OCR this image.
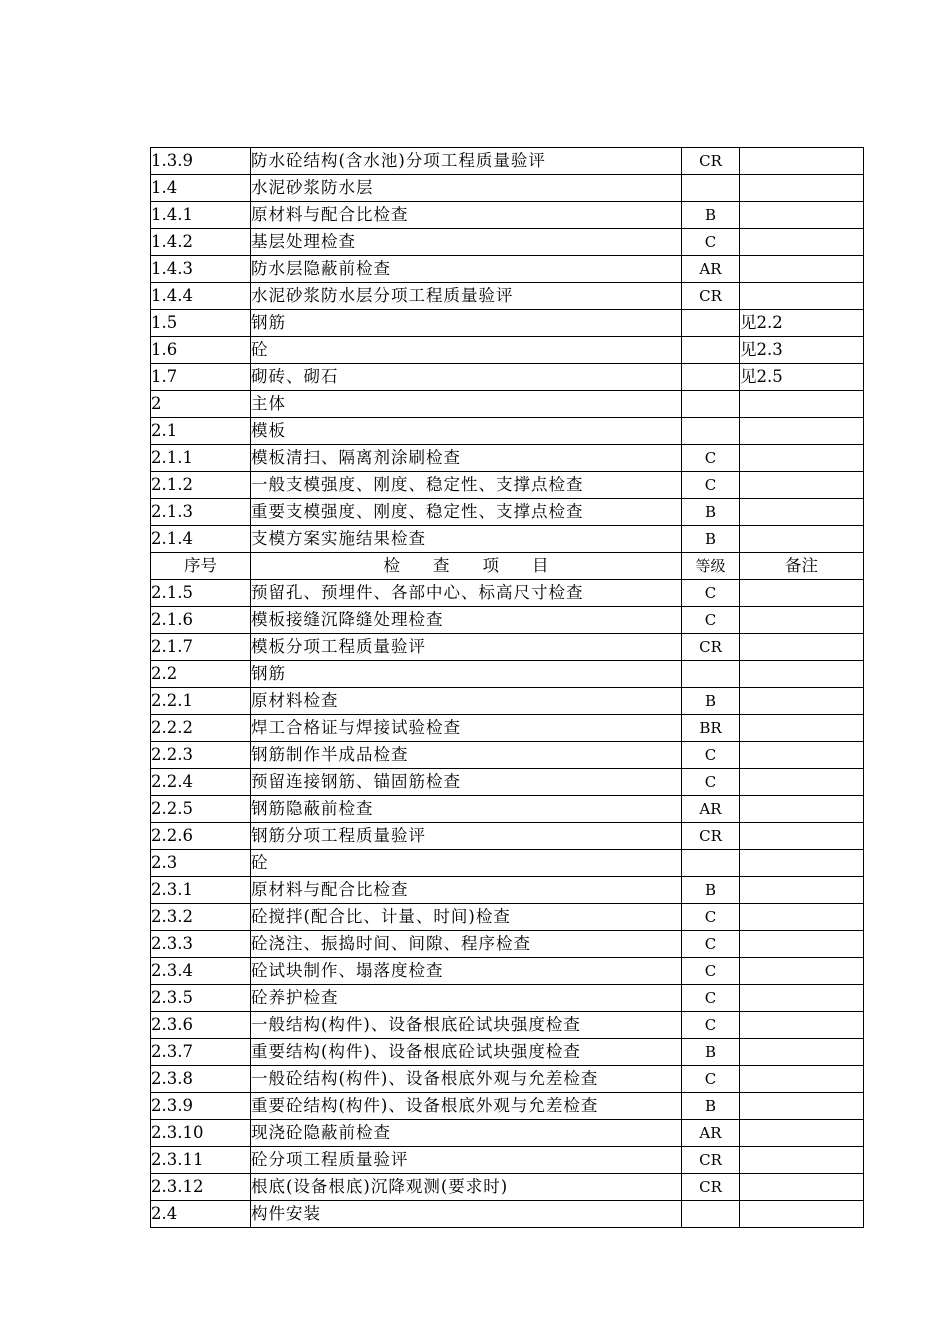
1.3.9	防水砼结构(含水池)分项工程质量验评	CR	
1.4	水泥砂浆防水层		
1.4.1	原材料与配合比检查	B	
1.4.2	基层处理检查	C	
1.4.3	防水层隐蔽前检查	AR	
1.4.4	水泥砂浆防水层分项工程质量验评	CR	
1.5	钢筋		见2.2
1.6	砼		见2.3
1.7	砌砖、砌石		见2.5
2	主体		
2.1	模板		
2.1.1	模板清扫、隔离剂涂刷检查	C	
2.1.2	一般支模强度、刚度、稳定性、支撑点检查	C	
2.1.3	重要支模强度、刚度、稳定性、支撑点检查	B	
2.1.4	支模方案实施结果检查	B	
序号	检　　查　　项　　目	等级	备注
2.1.5	预留孔、预埋件、各部中心、标高尺寸检查	C	
2.1.6	模板接缝沉降缝处理检查	C	
2.1.7	模板分项工程质量验评	CR	
2.2	钢筋		
2.2.1	原材料检查	B	
2.2.2	焊工合格证与焊接试验检查	BR	
2.2.3	钢筋制作半成品检查	C	
2.2.4	预留连接钢筋、锚固筋检查	C	
2.2.5	钢筋隐蔽前检查	AR	
2.2.6	钢筋分项工程质量验评	CR	
2.3	砼		
2.3.1	原材料与配合比检查	B	
2.3.2	砼搅拌(配合比、计量、时间)检查	C	
2.3.3	砼浇注、振捣时间、间隙、程序检查	C	
2.3.4	砼试块制作、塌落度检查	C	
2.3.5	砼养护检查	C	
2.3.6	一般结构(构件)、设备根底砼试块强度检查	C	
2.3.7	重要结构(构件)、设备根底砼试块强度检查	B	
2.3.8	一般砼结构(构件)、设备根底外观与允差检查	C	
2.3.9	重要砼结构(构件)、设备根底外观与允差检查	B	
2.3.10	现浇砼隐蔽前检查	AR	
2.3.11	砼分项工程质量验评	CR	
2.3.12	根底(设备根底)沉降观测(要求时)	CR	
2.4	构件安装		
